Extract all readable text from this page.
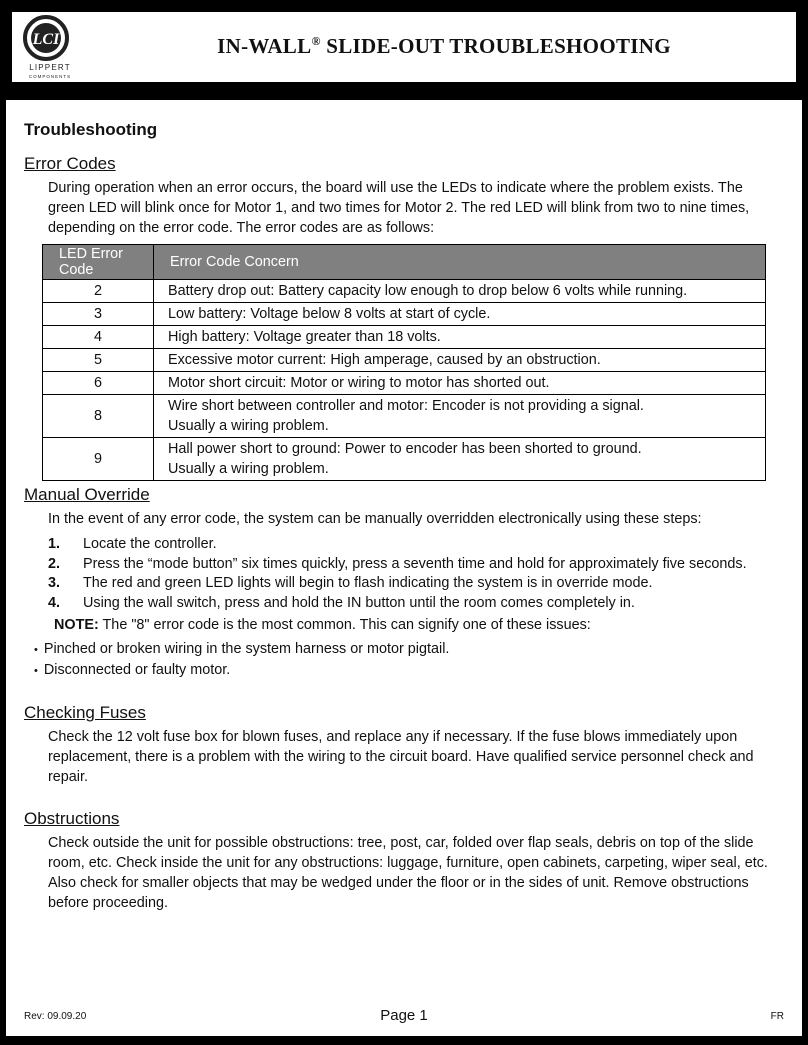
LCI
LIPPERT
COMPONENTS
IN-WALL® SLIDE-OUT TROUBLESHOOTING
Troubleshooting
Error Codes

During operation when an error occurs, the board will use the LEDs to indicate where the problem exists. The green LED will blink once for Motor 1, and two times for Motor 2. The red LED will blink from two to nine times, depending on the error code. The error codes are as follows:

LED Error Code	Error Code Concern
2	Battery drop out: Battery capacity low enough to drop below 6 volts while running.
3	Low battery: Voltage below 8 volts at start of cycle.
4	High battery: Voltage greater than 18 volts.
5	Excessive motor current: High amperage, caused by an obstruction.
6	Motor short circuit: Motor or wiring to motor has shorted out.
8	Wire short between controller and motor: Encoder is not providing a signal.
Usually a wiring problem.
9	Hall power short to ground: Power to encoder has been shorted to ground.
Usually a wiring problem.
Manual Override

In the event of any error code, the system can be manually overridden electronically using these steps:

1.	Locate the controller.
2.	Press the “mode button” six times quickly, press a seventh time and hold for approximately five seconds.
3.	The red and green LED lights will begin to flash indicating the system is in override mode.
4.	Using the wall switch, press and hold the IN button until the room comes completely in.
NOTE: The "8" error code is the most common. This can signify one of these issues:
• Pinched or broken wiring in the system harness or motor pigtail.
• Disconnected or faulty motor.
Checking Fuses

Check the 12 volt fuse box for blown fuses, and replace any if necessary. If the fuse blows immediately upon replacement, there is a problem with the wiring to the circuit board. Have qualified service personnel check and repair.

Obstructions

Check outside the unit for possible obstructions: tree, post, car, folded over flap seals, debris on top of the slide room, etc. Check inside the unit for any obstructions: luggage, furniture, open cabinets, carpeting, wiper seal, etc. Also check for smaller objects that may be wedged under the floor or in the sides of unit. Remove obstructions before proceeding.

Rev: 09.09.20	Page 1	FR
